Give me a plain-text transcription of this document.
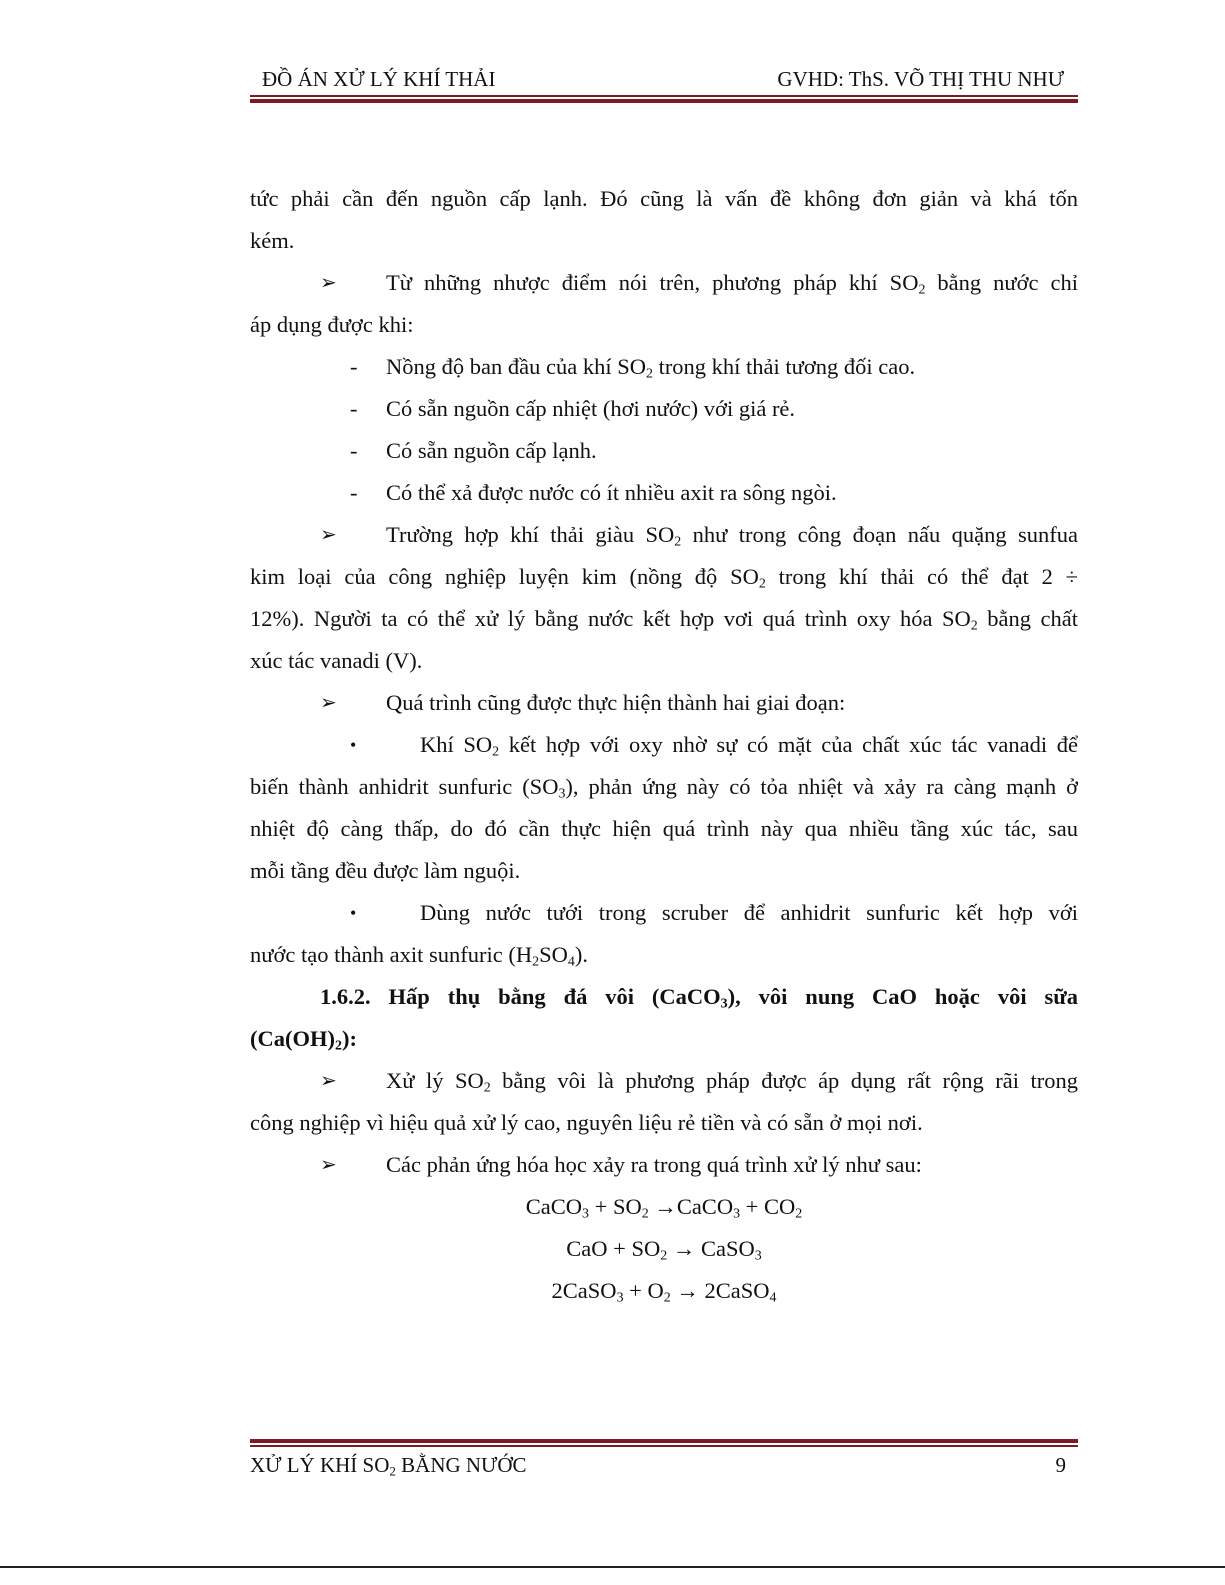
ĐỒ ÁN XỬ LÝ KHÍ THẢI	GVHD: ThS. VÕ THỊ THU NHƯ
tức phải cần đến nguồn cấp lạnh. Đó cũng là vấn đề không đơn giản và khá tốn
kém.
➢ Từ những nhược điểm nói trên, phương pháp khí $SO_2$ bằng nước chỉ
áp dụng được khi:
- Nồng độ ban đầu của khí $SO_2$ trong khí thải tương đối cao.
- Có sẵn nguồn cấp nhiệt (hơi nước) với giá rẻ.
- Có sẵn nguồn cấp lạnh.
- Có thể xả được nước có ít nhiều axit ra sông ngòi.
➢ Trường hợp khí thải giàu $SO_2$ như trong công đoạn nấu quặng sunfua
kim loại của công nghiệp luyện kim (nồng độ $SO_2$ trong khí thải có thể đạt 2 ÷
12%). Người ta có thể xử lý bằng nước kết hợp vơi quá trình oxy hóa $SO_2$ bằng chất
xúc tác vanadi (V).
➢ Quá trình cũng được thực hiện thành hai giai đoạn:
•	Khí $SO_2$ kết hợp với oxy nhờ sự có mặt của chất xúc tác vanadi để
biến thành anhidrit sunfuric $(SO_3)$, phản ứng này có tỏa nhiệt và xảy ra càng mạnh ở
nhiệt độ càng thấp, do đó cần thực hiện quá trình này qua nhiều tầng xúc tác, sau
mỗi tầng đều được làm nguội.
•	Dùng nước tưới trong scruber để anhidrit sunfuric kết hợp với
nước tạo thành axit sunfuric $(H_2SO_4)$.
1.6.2. Hấp thụ bằng đá vôi (CaCO$_3$), vôi nung CaO hoặc vôi sữa
$(Ca(OH)_2)$:
➢ Xử lý $SO_2$ bằng vôi là phương pháp được áp dụng rất rộng rãi trong
công nghiệp vì hiệu quả xử lý cao, nguyên liệu rẻ tiền và có sẵn ở mọi nơi.
➢ Các phản ứng hóa học xảy ra trong quá trình xử lý như sau:
CaCO$_3$ + $SO_2$ →CaCO$_3$ + $CO_2$
CaO + $SO_2$ → CaSO$_3$
2CaSO$_3$ + $O_2$ → 2CaSO$_4$
XỬ LÝ KHÍ $SO_2$ BẰNG NƯỚC	9
